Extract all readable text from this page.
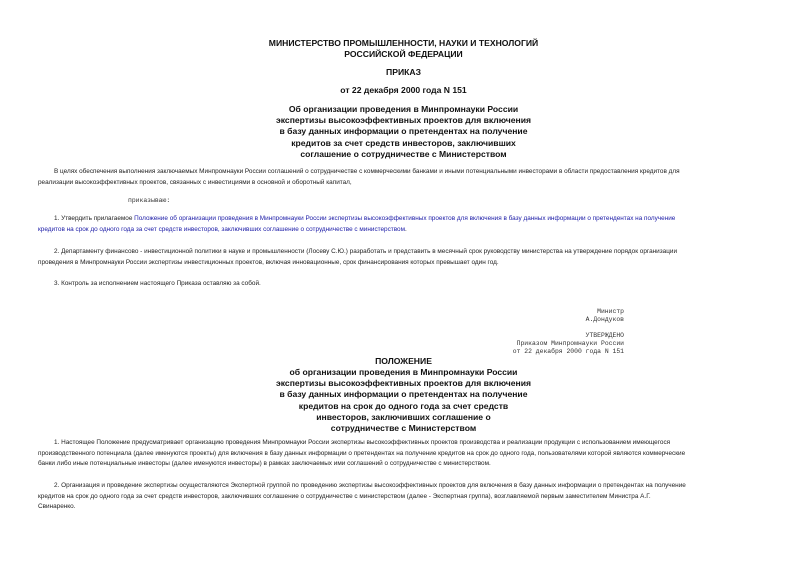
МИНИСТЕРСТВО ПРОМЫШЛЕННОСТИ, НАУКИ И ТЕХНОЛОГИЙ
РОССИЙСКОЙ ФЕДЕРАЦИИ
ПРИКАЗ
от 22 декабря 2000 года N 151
Об организации проведения в Минпромнауки России
экспертизы высокоэффективных проектов для включения
в базу данных информации о претендентах на получение
кредитов за счет средств инвесторов, заключивших
соглашение о сотрудничестве с Министерством
В целях обеспечения выполнения заключаемых Минпромнауки России соглашений о сотрудничестве с коммерческими банками и иными потенциальными инвесторами в области предоставления кредитов для
реализации высокоэффективных проектов, связанных с инвестициями в основной и оборотный капитал,
приказываю:
1. Утвердить прилагаемое Положение об организации проведения в Минпромнауки России экспертизы высокоэффективных проектов для включения в базу данных информации о претендентах на получение
кредитов на срок до одного года за счет средств инвесторов, заключивших соглашение о сотрудничестве с министерством.
2. Департаменту финансово - инвестиционной политики в науке и промышленности (Лосеву С.Ю.) разработать и представить в месячный срок руководству министерства на утверждение порядок организации
проведения в Минпромнауки России экспертизы инвестиционных проектов, включая инновационные, срок финансирования которых превышает один год.
3. Контроль за исполнением настоящего Приказа оставляю за собой.
Министр
А.Дондуков
УТВЕРЖДЕНО
Приказом Минпромнауки России
от 22 декабря 2000 года N 151
ПОЛОЖЕНИЕ
об организации проведения в Минпромнауки России
экспертизы высокоэффективных проектов для включения
в базу данных информации о претендентах на получение
кредитов на срок до одного года за счет средств
инвесторов, заключивших соглашение о
сотрудничестве с Министерством
1. Настоящее Положение предусматривает организацию проведения Минпромнауки России экспертизы высокоэффективных проектов производства и реализации продукции с использованием имеющегося
производственного потенциала (далее именуются проекты) для включения в базу данных информации о претендентах на получение кредитов на срок до одного года, пользователями которой являются коммерческие
банки либо иные потенциальные инвесторы (далее именуются инвесторы) в рамках заключаемых ими соглашений о сотрудничестве с министерством.
2. Организация и проведение экспертизы осуществляются Экспертной группой по проведению экспертизы высокоэффективных проектов для включения в базу данных информации о претендентах на получение
кредитов на срок до одного года за счет средств инвесторов, заключивших соглашение о сотрудничестве с министерством (далее - Экспертная группа), возглавляемой первым заместителем Министра А.Г.
Свинаренко.
